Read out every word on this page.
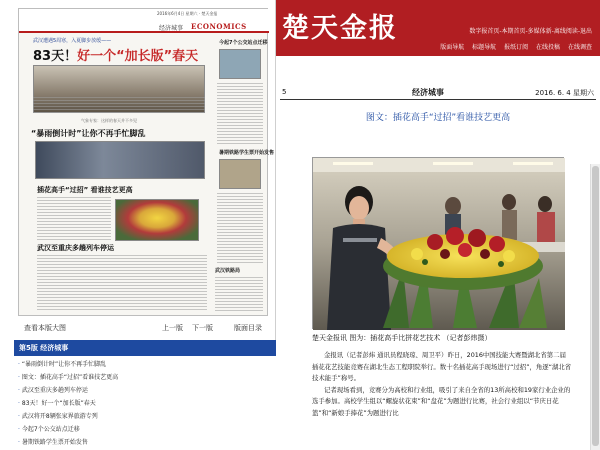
2016年6月4日 星期六 · 楚天金报
经济城事 ECONOMICS
武汉遭遇5周寒，入夏脚步放缓——
83天！好一个“加长版”春天
气象专家：这样的春天并不多见
“暴雨倒计时”让你不再手忙脚乱
插花高手“过招” 看谁技艺更高
武汉至重庆多趟列车停运
今起7个公交站点迁移
暑期铁路学生票开始发售
武汉铁路局
查看本版大图	上一版 下一版	版面目录
第5版 经济城事
· “暴雨倒计时”让你不再手忙脚乱
· 图文：插花高手“过招”看谁技艺更高
· 武汉至重庆多趟列车停运
· 83天！好一个“加长版”春天
· 武汉将开8辆张家界旅游专列
· 今起7个公交站点迁移
· 暑期铁路学生票开始发售
楚天金报	数字报首页-本期首页-多媒体新-离线阅读-退出
版面导航 标题导航 报纸订阅 在线投稿 在线调查
5	经济城事	2016. 6. 4 星期六
图文：插花高手“过招”看谁技艺更高
楚天金报讯 图为：插花高手比拼花艺技术 （记者彭炜摄）

金报讯（记者彭炜 通讯员程晓琼、周卫平）昨日，2016中国技能大赛暨湖北省第二届插花花艺技能竞赛在湖北生态工程职院举行。数十名插花高手现场进行“过招”，角逐“湖北省技术能手”称号。

记者现场看到，竞赛分为高校和行业组，吸引了来自全省的13所高校和19家行业企业的选手参加。高校学生组以“螺旋状花束”和“盘花”为题进行比赛，社会行业组以“节庆日花篮”和“新娘手捧花”为题进行比
